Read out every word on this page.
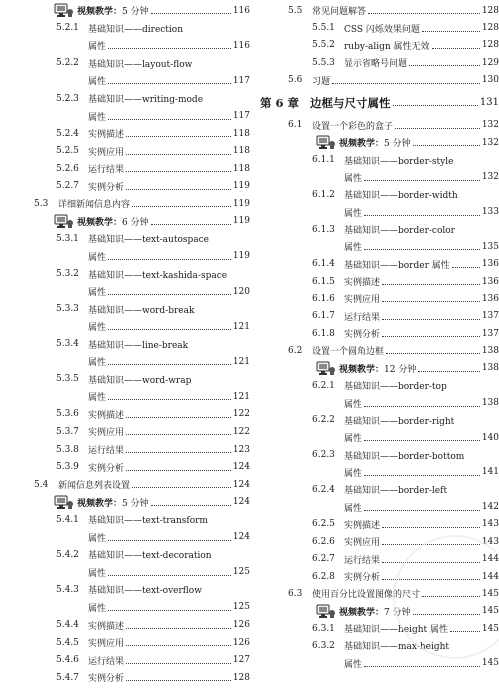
视频教学： 5 分钟	116
5.2.1	基础知识——direction
属性	116
5.2.2	基础知识——layout-flow
属性	117
5.2.3	基础知识——writing-mode
属性	117
5.2.4	实例描述	118
5.2.5	实例应用	118
5.2.6	运行结果	118
5.2.7	实例分析	119
5.3	详细新闻信息内容	119
视频教学： 6 分钟	119
5.3.1	基础知识——text-autospace
属性	119
5.3.2	基础知识——text-kashida-space
属性	120
5.3.3	基础知识——word-break
属性	121
5.3.4	基础知识——line-break
属性	121
5.3.5	基础知识——word-wrap
属性	121
5.3.6	实例描述	122
5.3.7	实例应用	122
5.3.8	运行结果	123
5.3.9	实例分析	124
5.4	新闻信息列表设置	124
视频教学： 5 分钟	124
5.4.1	基础知识——text-transform
属性	124
5.4.2	基础知识——text-decoration
属性	125
5.4.3	基础知识——text-overflow
属性	125
5.4.4	实例描述	126
5.4.5	实例应用	126
5.4.6	运行结果	127
5.4.7	实例分析	128
5.5	常见问题解答	128
5.5.1	CSS 闪烁效果问题	128
5.5.2	ruby-align 属性无效	128
5.5.3	显示省略号问题	129
5.6	习题	130
第 6 章 边框与尺寸属性	131
6.1	设置一个彩色的盒子	132
视频教学： 5 分钟	132
6.1.1	基础知识——border-style
属性	132
6.1.2	基础知识——border-width
属性	133
6.1.3	基础知识——border-color
属性	135
6.1.4	基础知识——border 属性	136
6.1.5	实例描述	136
6.1.6	实例应用	136
6.1.7	运行结果	137
6.1.8	实例分析	137
6.2	设置一个圆角边框	138
视频教学： 12 分钟	138
6.2.1	基础知识——border-top
属性	138
6.2.2	基础知识——border-right
属性	140
6.2.3	基础知识——border-bottom
属性	141
6.2.4	基础知识——border-left
属性	142
6.2.5	实例描述	143
6.2.6	实例应用	143
6.2.7	运行结果	144
6.2.8	实例分析	144
6.3	使用百分比设置图像的尺寸	145
视频教学： 7 分钟	145
6.3.1	基础知识——height 属性	145
6.3.2	基础知识——max-height
属性	145
